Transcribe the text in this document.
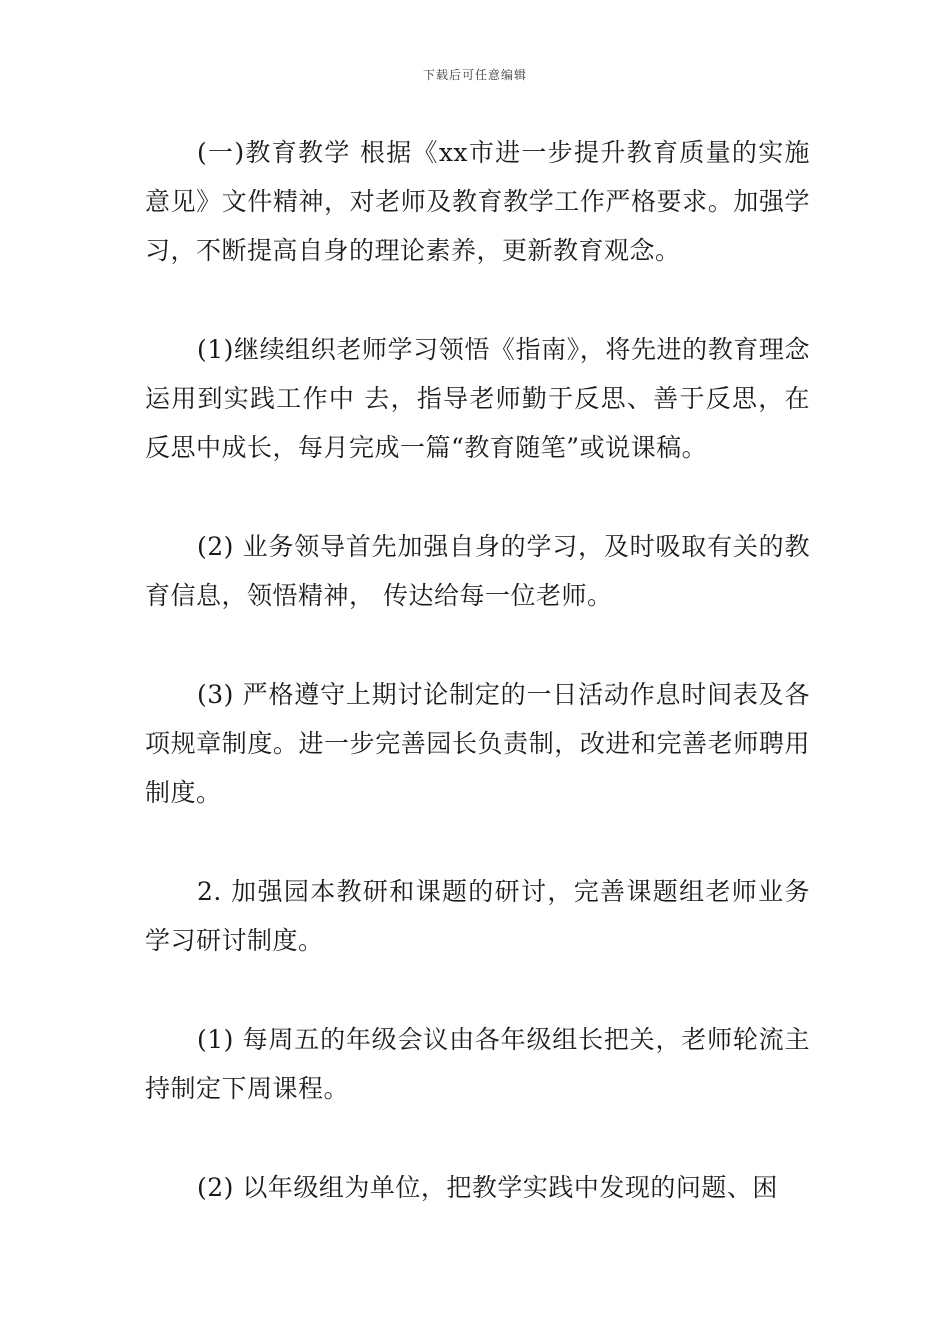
下载后可任意编辑

(一)教育教学 根据《xx市进一步提升教育质量的实施意见》文件精神，对老师及教育教学工作严格要求。加强学习，不断提高自身的理论素养，更新教育观念。

(1)继续组织老师学习领悟《指南》，将先进的教育理念运用到实践工作中 去，指导老师勤于反思、善于反思，在反思中成长，每月完成一篇“教育随笔”或说课稿。

(2) 业务领导首先加强自身的学习，及时吸取有关的教育信息，领悟精神， 传达给每一位老师。

(3) 严格遵守上期讨论制定的一日活动作息时间表及各项规章制度。进一步完善园长负责制，改进和完善老师聘用制度。

2. 加强园本教研和课题的研讨，完善课题组老师业务学习研讨制度。

(1) 每周五的年级会议由各年级组长把关，老师轮流主持制定下周课程。

(2) 以年级组为单位，把教学实践中发现的问题、困
